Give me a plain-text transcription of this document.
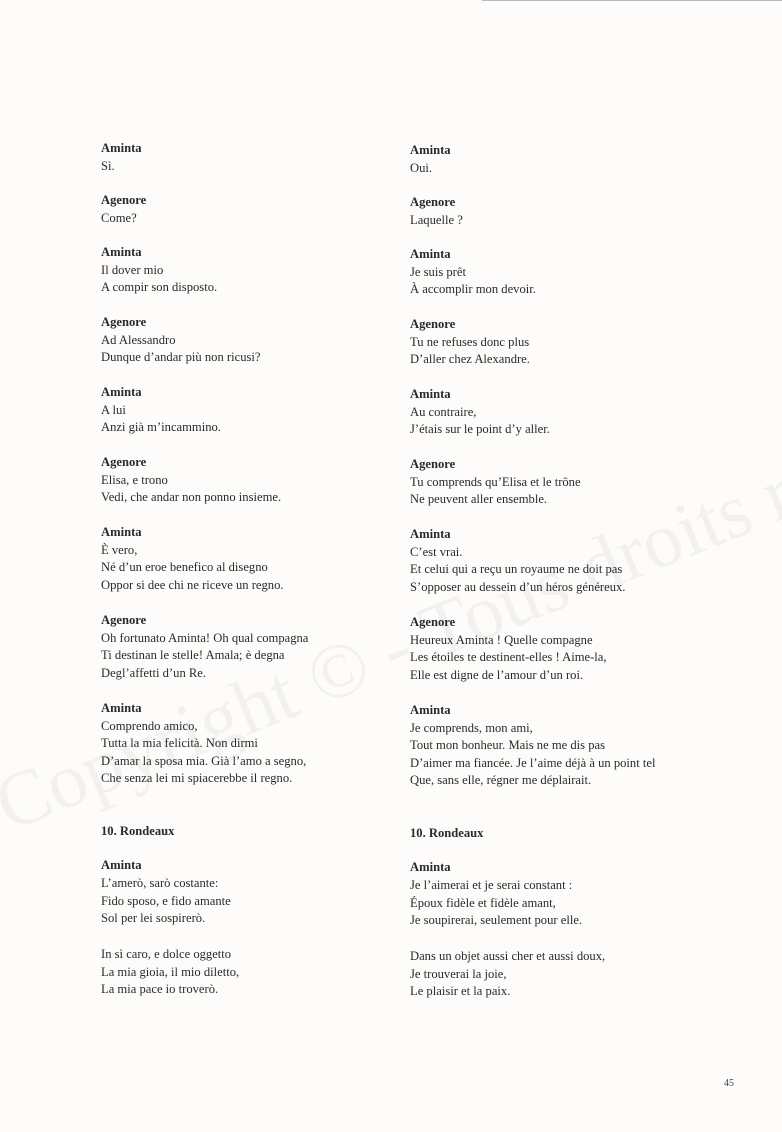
Aminta
Sì.
Agenore
Come?
Aminta
Il dover mio
A compir son disposto.
Agenore
Ad Alessandro
Dunque d’andar più non ricusi?
Aminta
A lui
Anzi già m’incammino.
Agenore
Elisa, e trono
Vedi, che andar non ponno insieme.
Aminta
È vero,
Né d’un eroe benefico al disegno
Oppor si dee chi ne riceve un regno.
Agenore
Oh fortunato Aminta! Oh qual compagna
Ti destinan le stelle! Amala; è degna
Degl’affetti d’un Re.
Aminta
Comprendo amico,
Tutta la mia felicità. Non dirmi
D’amar la sposa mia. Già l’amo a segno,
Che senza lei mi spiacerebbe il regno.
10. Rondeaux
Aminta
L’amerò, sarò costante:
Fido sposo, e fido amante
Sol per lei sospirerò.
In sì caro, e dolce oggetto
La mia gioia, il mio diletto,
La mia pace io troverò.
Aminta
Oui.
Agenore
Laquelle ?
Aminta
Je suis prêt
À accomplir mon devoir.
Agenore
Tu ne refuses donc plus
D’aller chez Alexandre.
Aminta
Au contraire,
J’étais sur le point d’y aller.
Agenore
Tu comprends qu’Elisa et le trône
Ne peuvent aller ensemble.
Aminta
C’est vrai.
Et celui qui a reçu un royaume ne doit pas
S’opposer au dessein d’un héros généreux.
Agenore
Heureux Aminta ! Quelle compagne
Les étoiles te destinent-elles ! Aime-la,
Elle est digne de l’amour d’un roi.
Aminta
Je comprends, mon ami,
Tout mon bonheur. Mais ne me dis pas
D’aimer ma fiancée. Je l’aime déjà à un point tel
Que, sans elle, régner me déplairait.
10. Rondeaux
Aminta
Je l’aimerai et je serai constant :
Époux fidèle et fidèle amant,
Je soupirerai, seulement pour elle.
Dans un objet aussi cher et aussi doux,
Je trouverai la joie,
Le plaisir et la paix.
45
